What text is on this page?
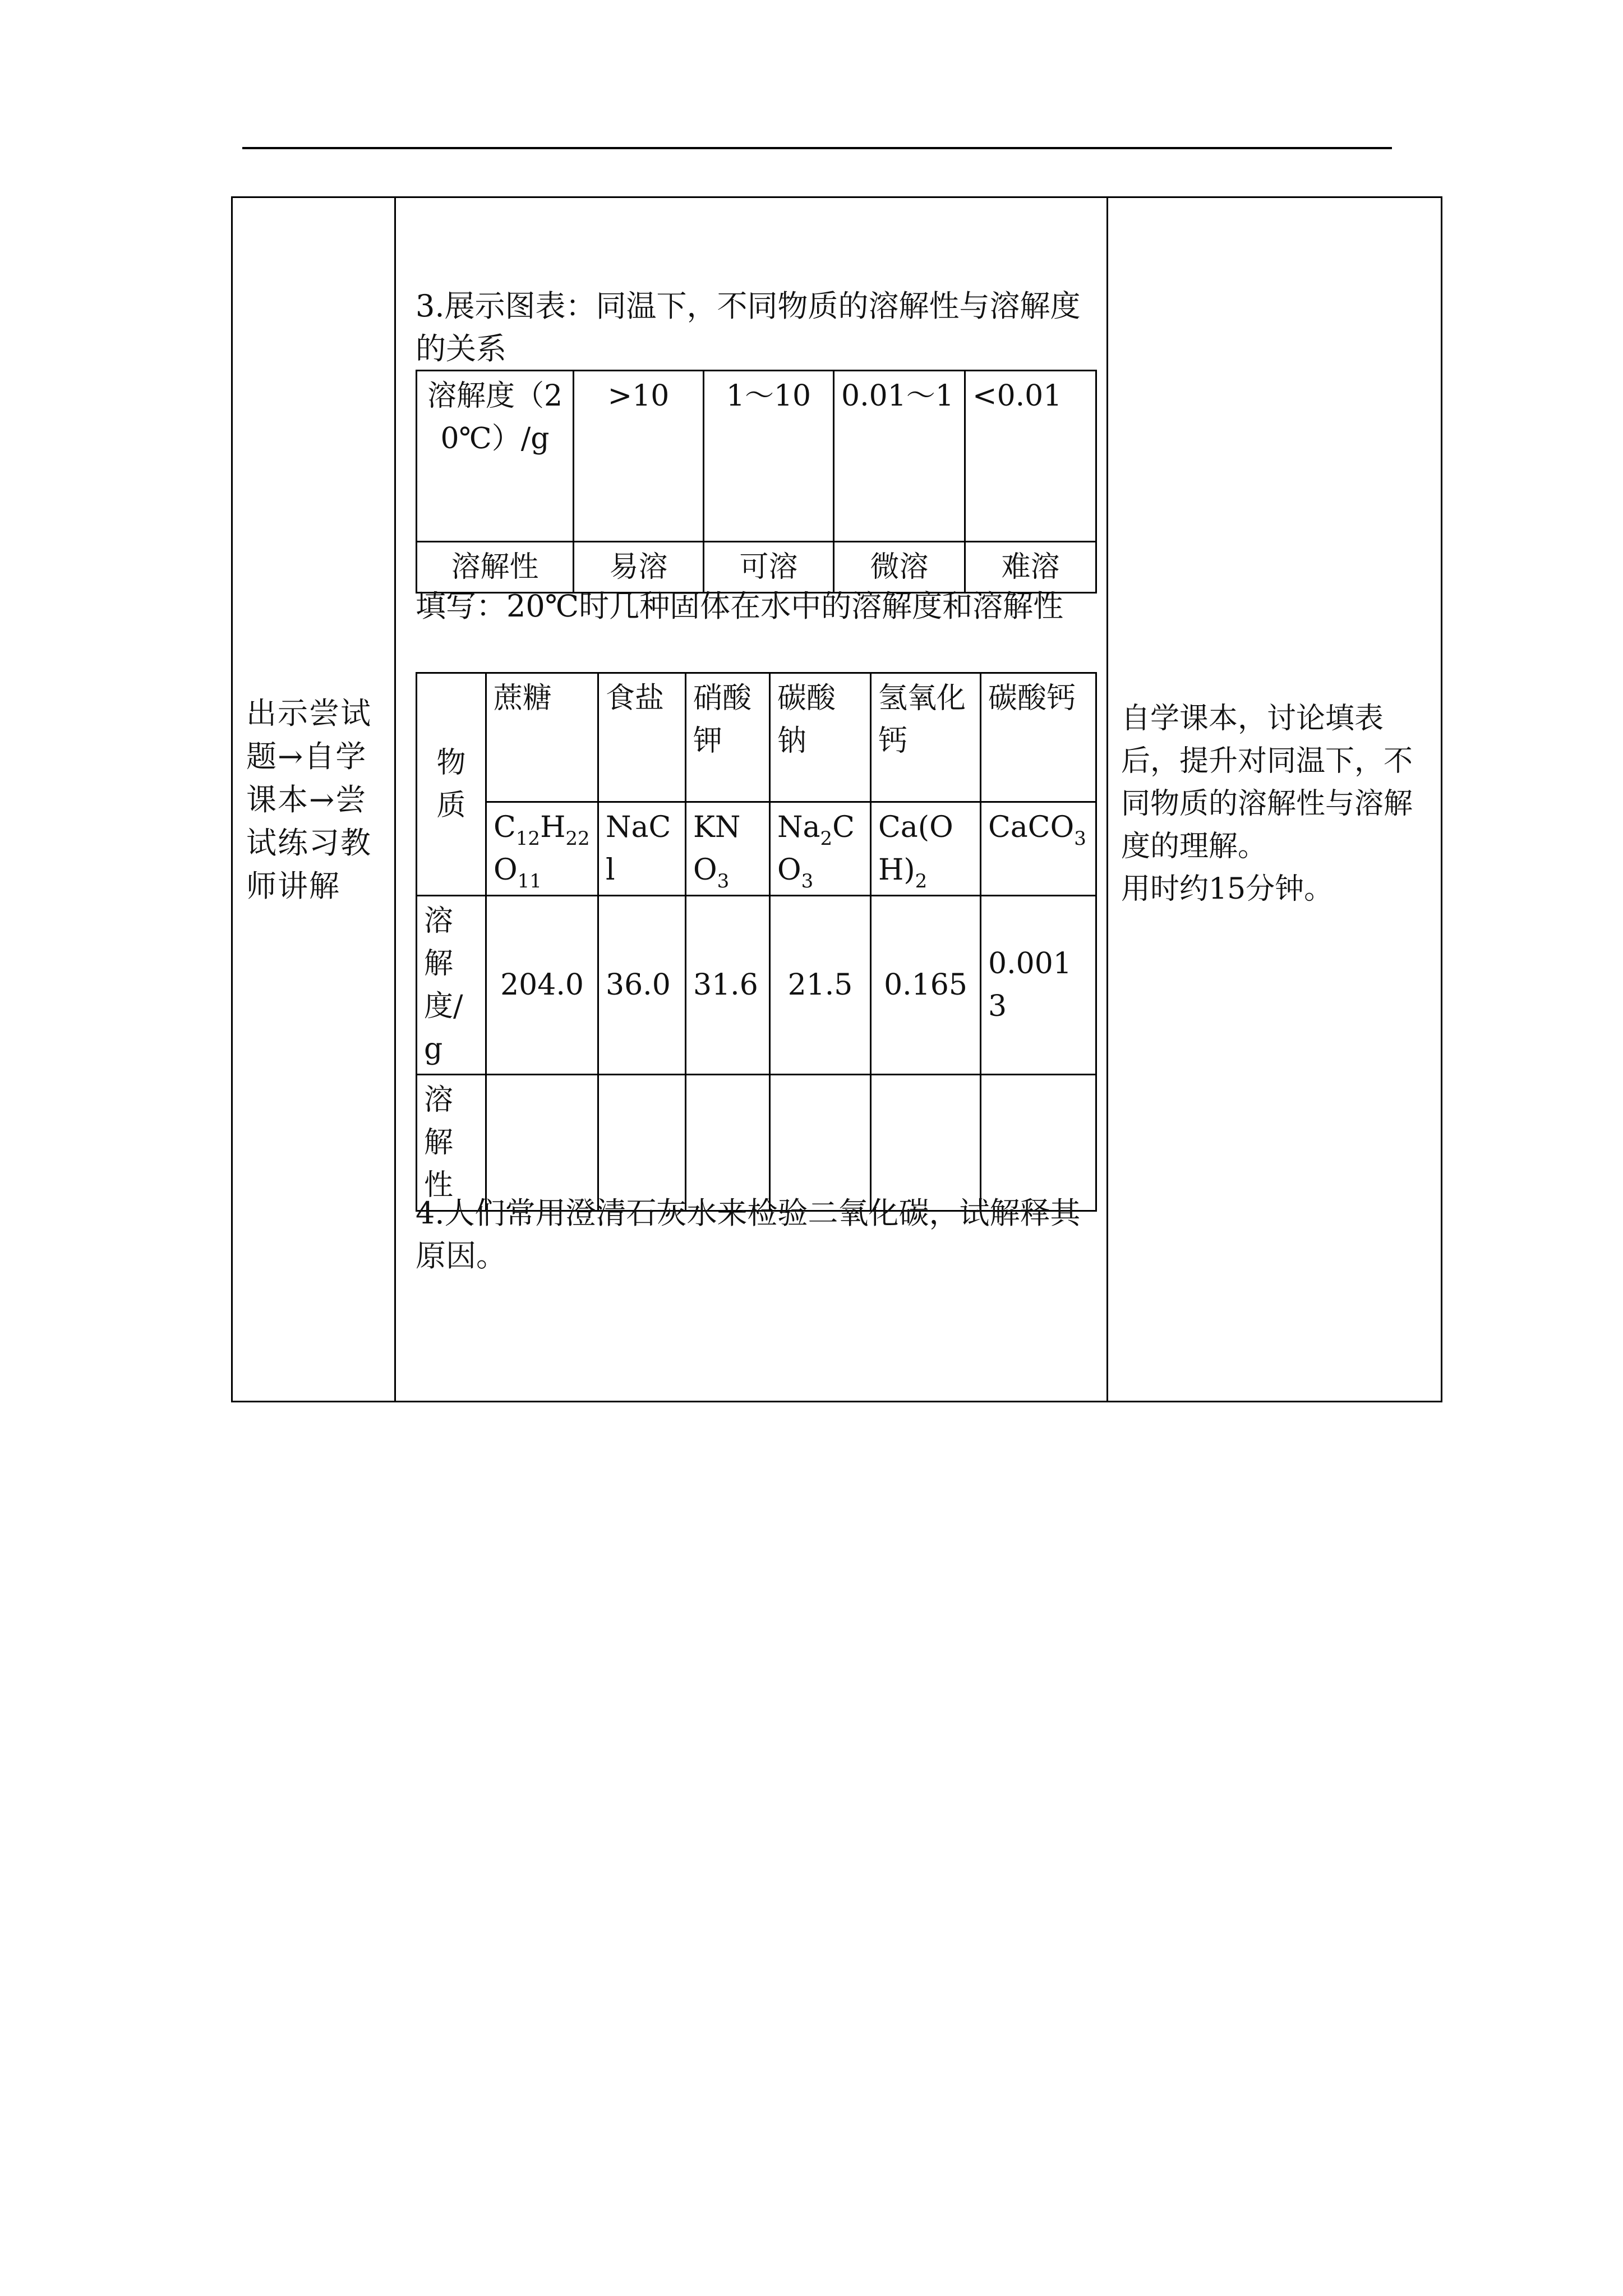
出示尝试题→自学课本→尝试练习教师讲解
3.展示图表：同温下，不同物质的溶解性与溶解度的关系
溶解度（20℃）/g	>10	1～10	0.01～1	<0.01
溶解性	易溶	可溶	微溶	难溶
填写：20℃时几种固体在水中的溶解度和溶解性
物质	蔗糖	食盐	硝酸钾	碳酸钠	氢氧化钙	碳酸钙
	$C_{12}H_{22}O_{11}$	NaCl	$KNO_3$	$Na_2CO_3$	$Ca(OH)_2$	CaCO$_3$
溶解度/g	204.0	36.0	31.6	21.5	0.165	0.0013
溶解性						
4.人们常用澄清石灰水来检验二氧化碳，试解释其原因。

自学课本，讨论填表后，提升对同温下，不同物质的溶解性与溶解度的理解。

用时约15分钟。
